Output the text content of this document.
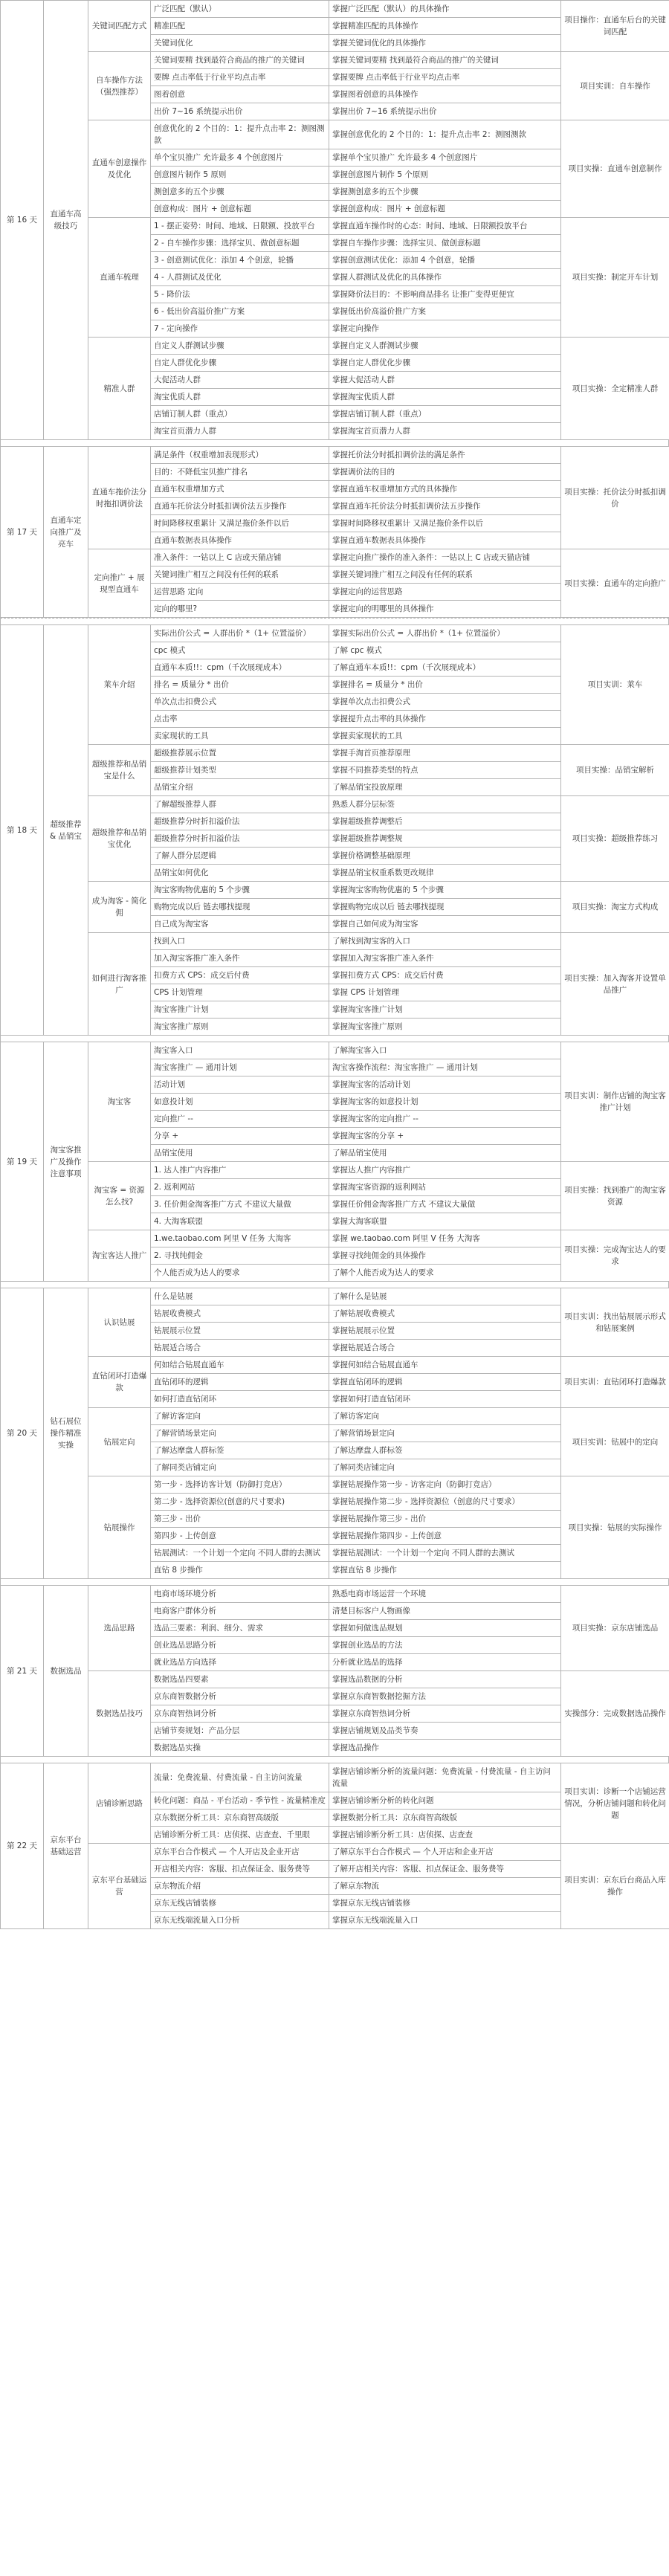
第 16 天	直通车高级技巧	关键词匹配方式	广泛匹配（默认）	掌握广泛匹配（默认）的具体操作	项目操作：直通车后台的关键词匹配
			精准匹配	掌握精准匹配的具体操作	
			关键词优化	掌握关键词优化的具体操作	
		自车操作方法（强烈推荐）	关键词要精 找到最符合商品的推广的关键词	掌握关键词要精 找到最符合商品的推广的关键词	项目实训：自车操作
			要牌 点击率低于行业平均点击率	掌握要牌 点击率低于行业平均点击率	
			图着创意	掌握图着创意的具体操作	
			出价 7~16 系统提示出价	掌握出价 7~16 系统提示出价	
		直通车创意操作及优化	创意优化的 2 个目的：1：提升点击率 2：测图测款	掌握创意优化的 2 个目的：1：提升点击率 2：测图测款	项目实操：直通车创意制作
			单个宝贝推广 允许最多 4 个创意图片	掌握单个宝贝推广 允许最多 4 个创意图片	
			创意图片制作 5 原则	掌握创意图片制作 5 个原则	
			测创意多的五个步骤	掌握测创意多的五个步骤	
			创意构成：图片 + 创意标题	掌握创意构成：图片 + 创意标题	
		直通车梳理	1 - 摆正姿势：时间、地域、日限额、投放平台	掌握直通车操作时的心态：时间、地域、日限额投放平台	项目实操：制定开车计划
			2 - 自车操作步骤：选择宝贝、做创意标题	掌握自车操作步骤：选择宝贝、做创意标题	
			3 - 创意测试优化：添加 4 个创意，轮播	掌握创意测试优化：添加 4 个创意，轮播	
			4 - 人群测试及优化	掌握人群测试及优化的具体操作	
			5 - 降价法	掌握降价法目的：不影响商品排名 让推广变得更便宜	
			6 - 低出价高溢价推广方案	掌握低出价高溢价推广方案	
			7 - 定向操作	掌握定向操作	
		精准人群	自定义人群测试步骤	掌握自定义人群测试步骤	项目实操：全定精准人群
			自定人群优化步骤	掌握自定人群优化步骤	
			大促活动人群	掌握大促活动人群	
			淘宝优质人群	掌握淘宝优质人群	
			店铺订制人群（重点）	掌握店铺订制人群（重点）	
			淘宝首页潜力人群	掌握淘宝首页潜力人群	
第 17 天	直通车定向推广及亮车	直通车拖价法分时拖扣调价法	满足条件（权重增加表现形式）	掌握托价法分时抵扣调价法的满足条件	项目实操：托价法分时抵扣调价
			目的：不降低宝贝推广排名	掌握调价法的目的	
			直通车权重增加方式	掌握直通车权重增加方式的具体操作	
			直通车托价法分时抵扣调价法五步操作	掌握直通车托价法分时抵扣调价法五步操作	
			时间降移权重累计 又满足拖价条件以后	掌握时间降移权重累计 又满足拖价条件以后	
			直通车数据表具体操作	掌握直通车数据表具体操作	
		定向推广 + 展现型直通车	准入条件：一钻以上 C 店或天猫店铺	掌握定向推广操作的准入条件：一钻以上 C 店或天猫店铺	项目实操：直通车的定向推广
			关键词推广相互之间没有任何的联系	掌握关键词推广相互之间没有任何的联系	
			运营思路 定向	掌握定向的运营思路	
			定向的哪里?	掌握定向的明哪里的具体操作	
第 18 天	超级推荐 & 品销宝	莱车介绍	实际出价公式 = 人群出价 *（1+ 位置溢价）	掌握实际出价公式 = 人群出价 *（1+ 位置溢价）	项目实训：莱车
			cpc 模式	了解 cpc 模式	
			直通车本质!!：cpm（千次展现成本）	了解直通车本质!!：cpm（千次展现成本）	
			排名 = 质量分 * 出价	掌握排名 = 质量分 * 出价	
			单次点击扣费公式	掌握单次点击扣费公式	
			点击率	掌握提升点击率的具体操作	
			卖家现状的工具	掌握卖家现状的工具	
		超级推荐和品销宝是什么	超级推荐展示位置	掌握手淘首页推荐原理	项目实操：品销宝解析
			超级推荐计划类型	掌握不同推荐类型的特点	
			品销宝介绍	了解品销宝投放原理	
		超级推荐和品销宝优化	了解超级推荐人群	熟悉人群分层标签	项目实操：超级推荐练习
			超级推荐分时折扣溢价法	掌握超级推荐调整后	
			超级推荐分时折扣溢价法	掌握超级推荐调整规	
			了解人群分层逻辑	掌握价格调整基础原理	
			品销宝如何优化	掌握品销宝权重系数更改规律	
		成为淘客 - 简化佣	淘宝客购物优惠的 5 个步骤	掌握淘宝客购物优惠的 5 个步骤	项目实操：淘宝方式构成
			购物完成以后 链去哪找提现	掌握购物完成以后 链去哪找提现	
			自己成为淘宝客	掌握自己如何成为淘宝客	
		如何进行淘客推广	找到入口	了解找到淘宝客的入口	项目实操：加入淘客并设置单品推广
			加入淘宝客推广准入条件	掌握加入淘宝客推广准入条件	
			扣费方式 CPS：成交后付费	掌握扣费方式 CPS：成交后付费	
			CPS 计划管理	掌握 CPS 计划管理	
			淘宝客推广计划	掌握淘宝客推广计划	
			淘宝客推广原则	掌握淘宝客推广原则	
第 19 天	淘宝客推广及操作注意事项	淘宝客	淘宝客入口	了解淘宝客入口	项目实训：制作店铺的淘宝客推广计划
			淘宝客推广 — 通用计划	淘宝客操作流程：淘宝客推广 — 通用计划	
			活动计划	掌握淘宝客的活动计划	
			如意投计划	掌握淘宝客的如意投计划	
			定向推广 --	掌握淘宝客的定向推广 --	
			分享 +	掌握淘宝客的分享 +	
			品销宝使用	了解品销宝使用	
		淘宝客 = 资源怎么找?	1. 达人推广内容推广	掌握达人推广内容推广	项目实操：找到推广的淘宝客资源
			2. 返利网站	掌握淘宝客资源的返利网站	
			3. 任价佣金淘客推广方式 不建议大量做	掌握任价佣金淘客推广方式 不建议大量做	
			4. 大淘客联盟	掌握大淘客联盟	
		淘宝客达人推广	1.we.taobao.com 阿里 V 任务 大淘客	掌握 we.taobao.com 阿里 V 任务 大淘客	项目实操：完成淘宝达人的要求
			2. 寻找纯佣金	掌握寻找纯佣金的具体操作	
			个人能否成为达人的要求	了解个人能否成为达人的要求	
第 20 天	钻石展位操作精准实操	认识钻展	什么是钻展	了解什么是钻展	项目实训：找出钻展展示形式和钻展案例
			钻展收费模式	了解钻展收费模式	
			钻展展示位置	掌握钻展展示位置	
			钻展适合场合	掌握钻展适合场合	
		直钻闭环打造爆款	何如结合钻展直通车	掌握何如结合钻展直通车	项目实训：直钻闭环打造爆款
			直钻闭环的逻辑	掌握直钻闭环的逻辑	
			如何打造直钻闭环	掌握如何打造直钻闭环	
		钻展定向	了解访客定向	了解访客定向	项目实训：钻展中的定向
			了解营销场景定向	了解营销场景定向	
			了解达摩盘人群标签	了解达摩盘人群标签	
			了解同类店铺定向	了解同类店铺定向	
		钻展操作	第一步 - 选择访客计划（防御打竞店）	掌握钻展操作第一步 - 访客定向（防御打竞店）	项目实操：钻展的实际操作
			第二步 - 选择资源位(创意的尺寸要求)	掌握钻展操作第二步 - 选择资源位（创意的尺寸要求）	
			第三步 - 出价	掌握钻展操作第三步 - 出价	
			第四步 - 上传创意	掌握钻展操作第四步 - 上传创意	
			钻展测试：一个计划一个定向 不同人群的去测试	掌握钻展测试：一个计划一个定向 不同人群的去测试	
			直钻 8 步操作	掌握直钻 8 步操作	
第 21 天	数据选品	选品思路	电商市场环境分析	熟悉电商市场运营一个环境	项目实操：京东店铺选品
			电商客户群体分析	清楚目标客户人物画像	
			选品三要素：利润、细分、需求	掌握如何做选品规划	
			创业选品思路分析	掌握创业选品的方法	
			就业选品方向选择	分析就业选品的选择	
		数据选品技巧	数据选品四要素	掌握选品数据的分析	实操部分：完成数据选品操作
			京东商智数据分析	掌握京东商智数据挖掘方法	
			京东商智热词分析	掌握京东商智热词分析	
			店铺节奏规划：产品分层	掌握店铺规划及品类节奏	
			数据选品实操	掌握选品操作	
第 22 天	京东平台基础运营	店铺诊断思路	流量：免费流量、付费流量 - 自主访问流量	掌握店铺诊断分析的流量问题：免费流量 - 付费流量 - 自主访问流量	项目实训：诊断一个店铺运营情况，分析店铺问题和转化问题
			转化问题：商品 - 平台活动 - 季节性 - 流量精准度	掌握店铺诊断分析的转化问题	
			京东数据分析工具：京东商智高级版	掌握数据分析工具：京东商智高级版	
			店铺诊断分析工具：店侦探、店查查、千里眼	掌握店铺诊断分析工具：店侦探、店查查	
		京东平台基础运营	京东平台合作模式 — 个人开店及企业开店	了解京东平台合作模式 — 个人开店和企业开店	项目实训：京东后台商品入库操作
			开店相关内容：客服、扣点保证金、服务费等	了解开店相关内容：客服、扣点保证金、服务费等	
			京东物流介绍	了解京东物流	
			京东无线店铺装修	掌握京东无线店铺装修	
			京东无线端流量入口分析	掌握京东无线端流量入口	
